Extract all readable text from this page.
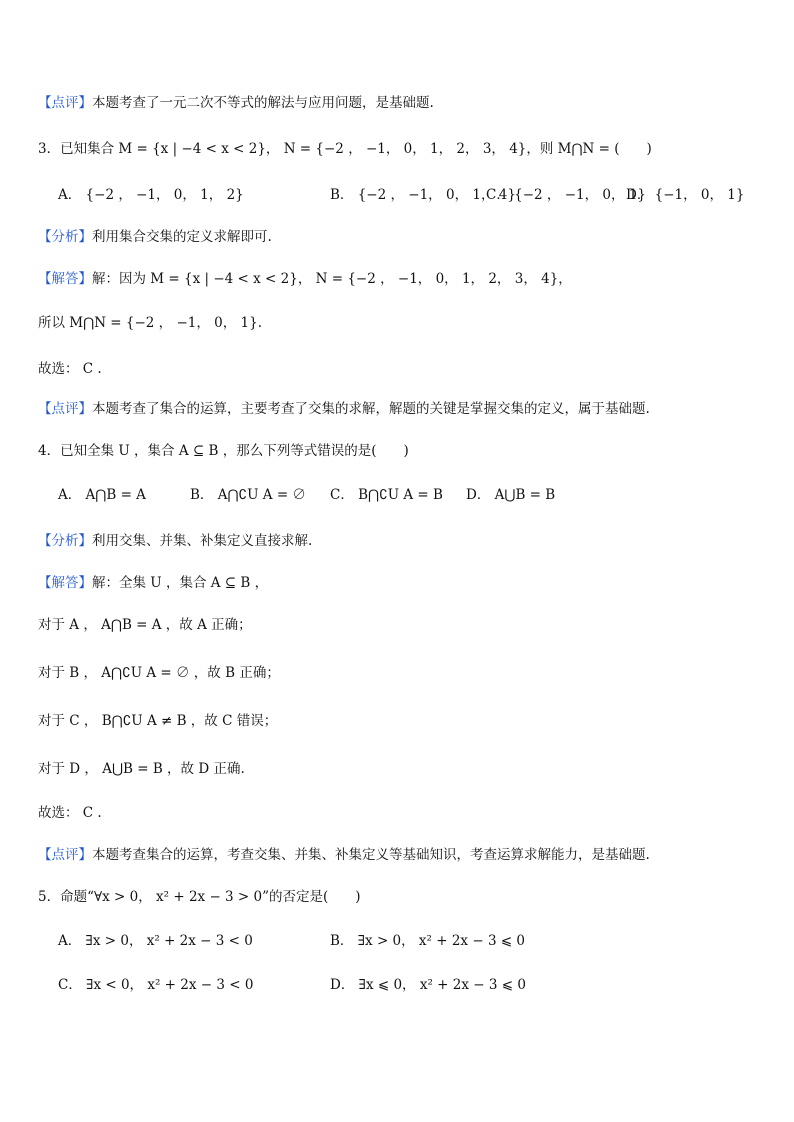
【点评】本题考查了一元二次不等式的解法与应用问题，是基础题.
3．已知集合 M = {x | −4 < x < 2}， N = {−2 ， −1， 0， 1， 2， 3， 4}，则 M⋂N = (　　)
A． {−2 ， −1， 0， 1， 2}	B． {−2 ， −1， 0， 1， 4}
C． {−2 ， −1， 0， 1}
D． {−1， 0， 1}
【分析】利用集合交集的定义求解即可.
【解答】解：因为 M = {x | −4 < x < 2}， N = {−2 ， −1， 0， 1， 2， 3， 4}，
所以 M⋂N = {−2 ， −1， 0， 1}.
故选： C .
【点评】本题考查了集合的运算，主要考查了交集的求解，解题的关键是掌握交集的定义，属于基础题.
4．已知全集 U ，集合 A ⊆ B ，那么下列等式错误的是(　　)
A． A⋂B = A	B． A⋂∁U A = ∅ C． B⋂∁U A = B D． A⋃B = B
【分析】利用交集、并集、补集定义直接求解.
【解答】解：全集 U ，集合 A ⊆ B ，
对于 A ， A⋂B = A ，故 A 正确；
对于 B ， A⋂∁U A = ∅ ，故 B 正确；
对于 C ， B⋂∁U A ≠ B ，故 C 错误；
对于 D ， A⋃B = B ，故 D 正确.
故选： C .
【点评】本题考查集合的运算，考查交集、并集、补集定义等基础知识，考查运算求解能力，是基础题.
5．命题“∀x > 0， x² + 2x − 3 > 0”的否定是(　　)
A． ∃x > 0， x² + 2x − 3 < 0	B． ∃x > 0， x² + 2x − 3 ⩽ 0
C． ∃x < 0， x² + 2x − 3 < 0	D． ∃x ⩽ 0， x² + 2x − 3 ⩽ 0
